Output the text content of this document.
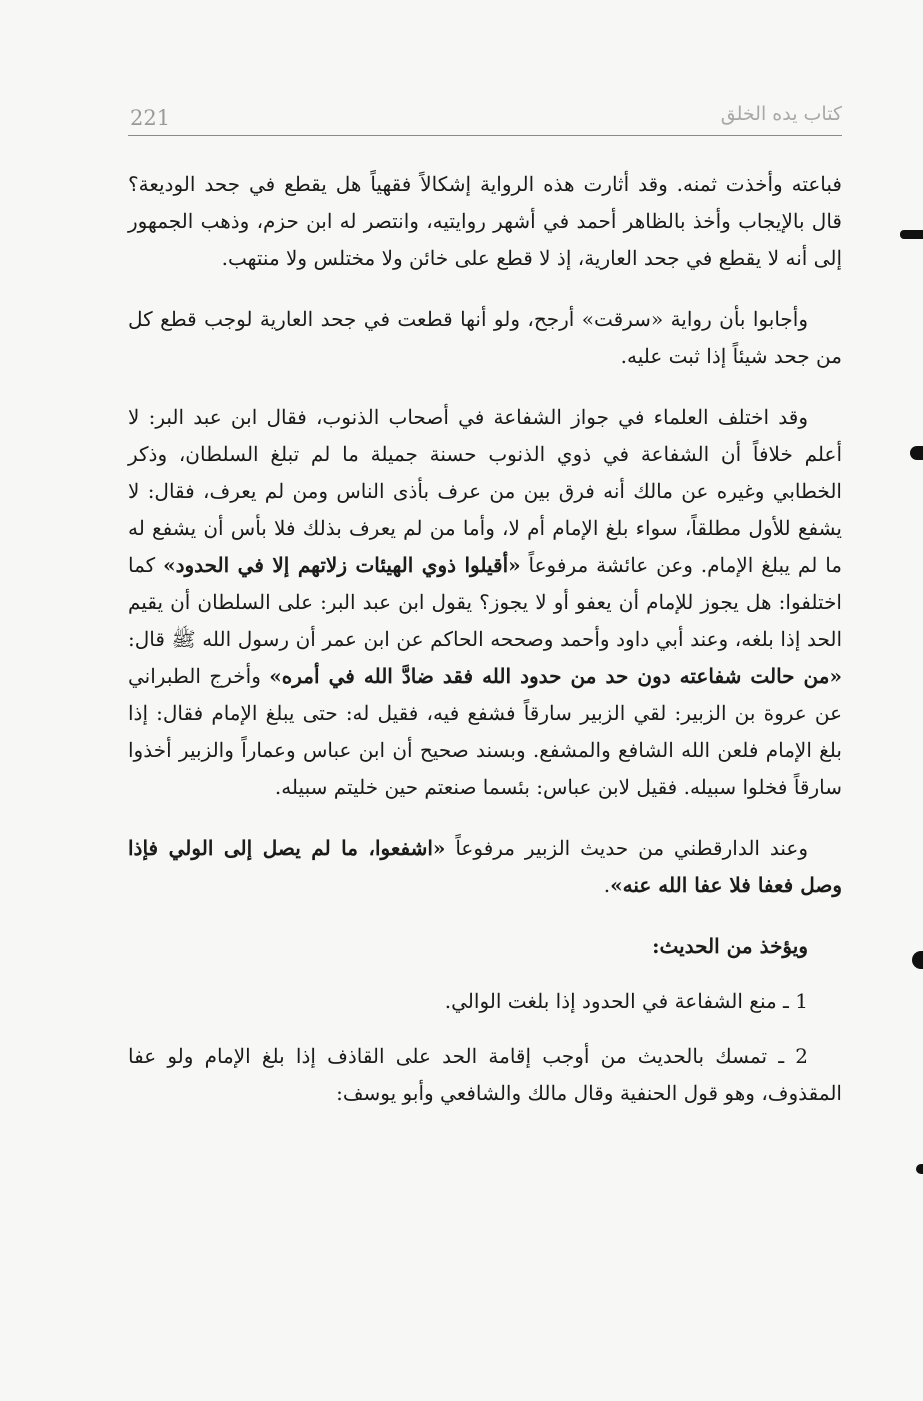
221	كتاب يده الخلق

فباعته وأخذت ثمنه. وقد أثارت هذه الرواية إشكالاً فقهياً هل يقطع في جحد الوديعة؟ قال بالإيجاب وأخذ بالظاهر أحمد في أشهر روايتيه، وانتصر له ابن حزم، وذهب الجمهور إلى أنه لا يقطع في جحد العارية، إذ لا قطع على خائن ولا مختلس ولا منتهب.

وأجابوا بأن رواية «سرقت» أرجح، ولو أنها قطعت في جحد العارية لوجب قطع كل من جحد شيئاً إذا ثبت عليه.

وقد اختلف العلماء في جواز الشفاعة في أصحاب الذنوب، فقال ابن عبد البر: لا أعلم خلافاً أن الشفاعة في ذوي الذنوب حسنة جميلة ما لم تبلغ السلطان، وذكر الخطابي وغيره عن مالك أنه فرق بين من عرف بأذى الناس ومن لم يعرف، فقال: لا يشفع للأول مطلقاً، سواء بلغ الإمام أم لا، وأما من لم يعرف بذلك فلا بأس أن يشفع له ما لم يبلغ الإمام. وعن عائشة مرفوعاً «أقيلوا ذوي الهيئات زلاتهم إلا في الحدود» كما اختلفوا: هل يجوز للإمام أن يعفو أو لا يجوز؟ يقول ابن عبد البر: على السلطان أن يقيم الحد إذا بلغه، وعند أبي داود وأحمد وصححه الحاكم عن ابن عمر أن رسول الله ﷺ قال: «من حالت شفاعته دون حد من حدود الله فقد ضادَّ الله في أمره» وأخرج الطبراني عن عروة بن الزبير: لقي الزبير سارقاً فشفع فيه، فقيل له: حتى يبلغ الإمام فقال: إذا بلغ الإمام فلعن الله الشافع والمشفع. وبسند صحيح أن ابن عباس وعماراً والزبير أخذوا سارقاً فخلوا سبيله. فقيل لابن عباس: بئسما صنعتم حين خليتم سبيله.

وعند الدارقطني من حديث الزبير مرفوعاً «اشفعوا، ما لم يصل إلى الولي فإذا وصل فعفا فلا عفا الله عنه».

ويؤخذ من الحديث:

1 ـ منع الشفاعة في الحدود إذا بلغت الوالي.

2 ـ تمسك بالحديث من أوجب إقامة الحد على القاذف إذا بلغ الإمام ولو عفا المقذوف، وهو قول الحنفية وقال مالك والشافعي وأبو يوسف:
